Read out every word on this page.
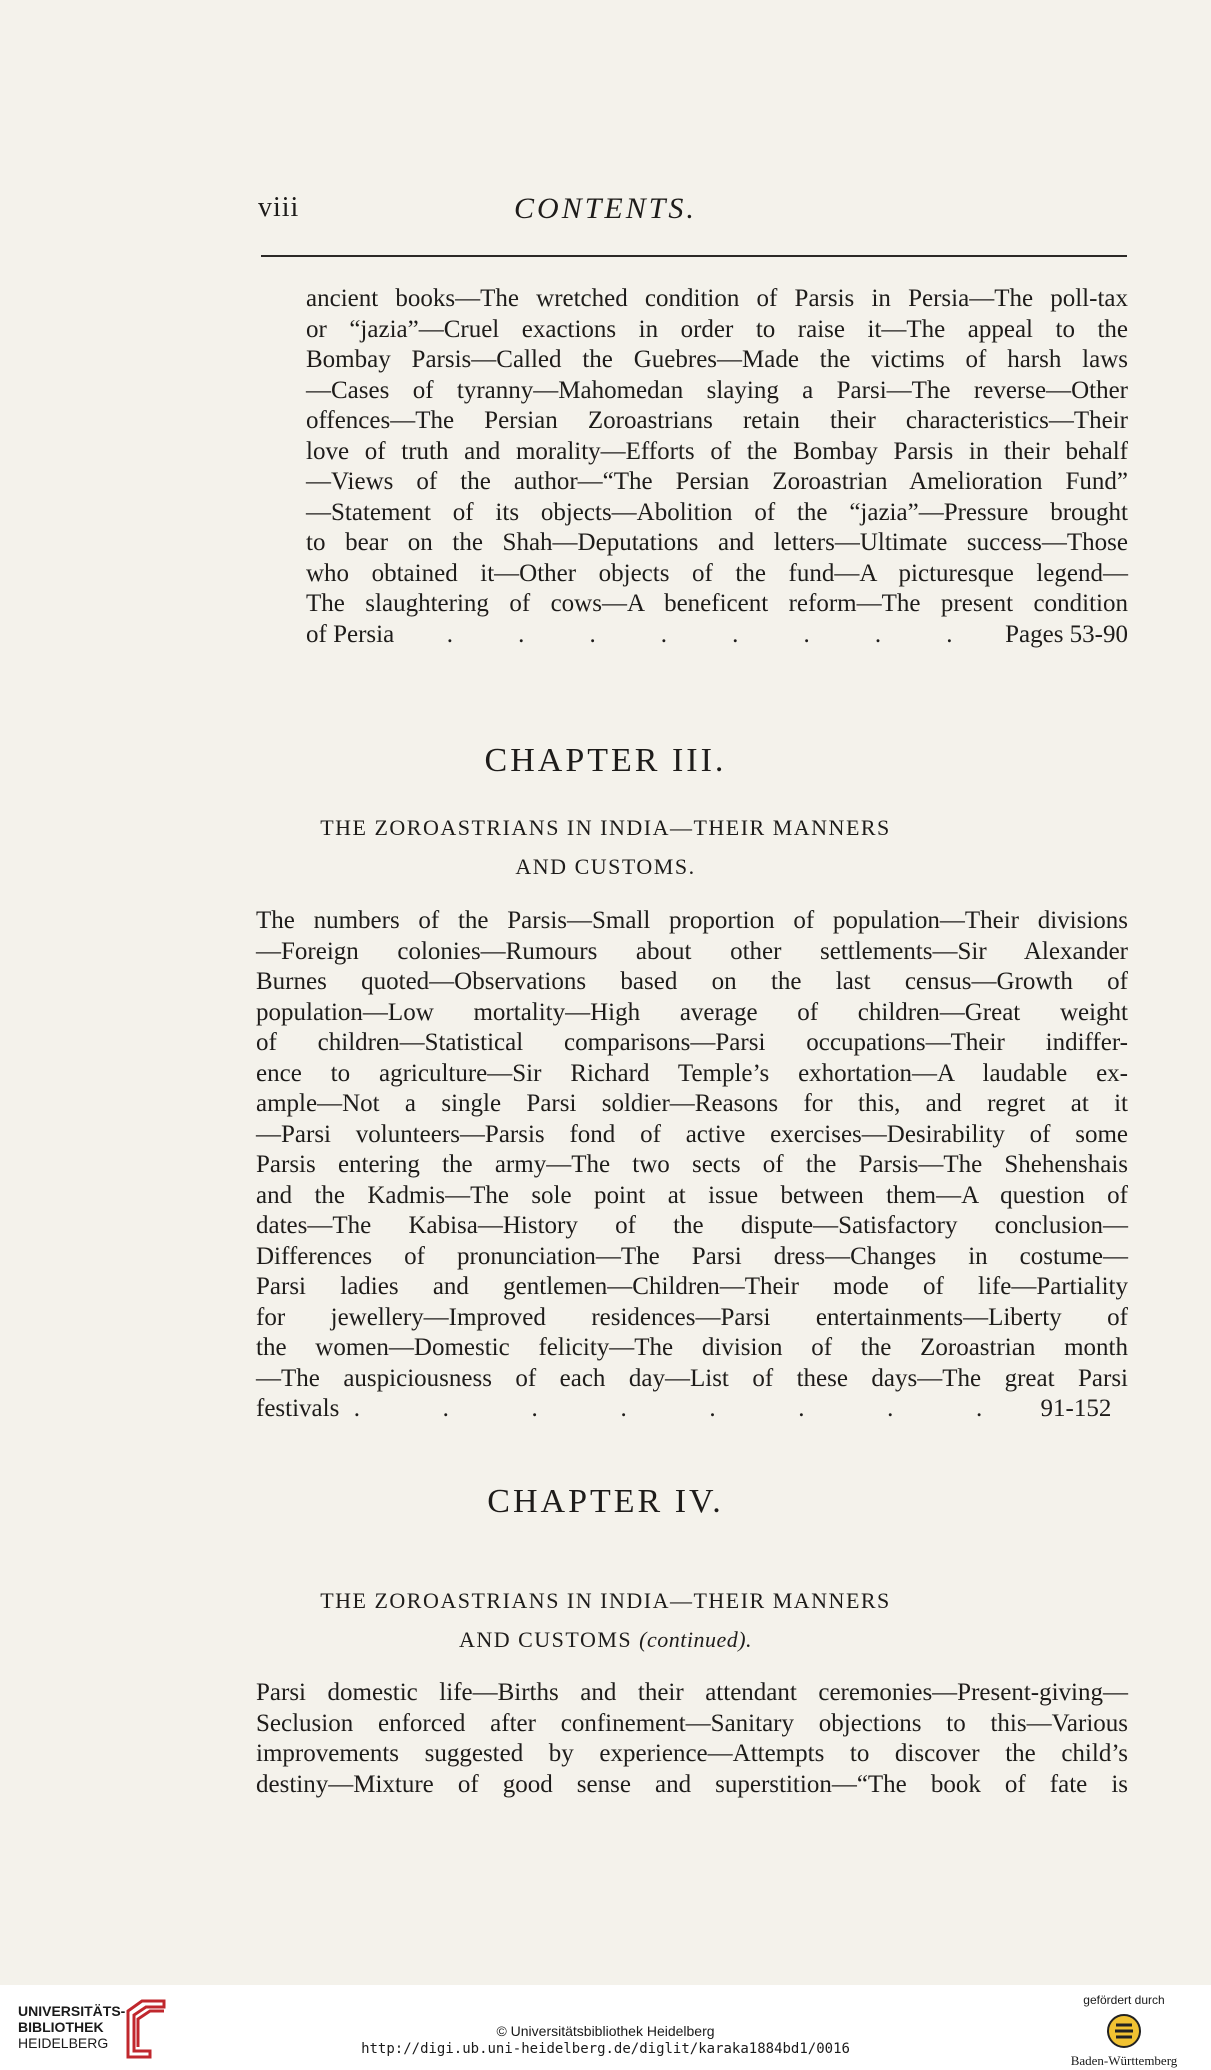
viii	CONTENTS.
ancient books—The wretched condition of Parsis in Persia—The poll-tax
or “jazia”—Cruel exactions in order to raise it—The appeal to the
Bombay Parsis—Called the Guebres—Made the victims of harsh laws
—Cases of tyranny—Mahomedan slaying a Parsi—The reverse—Other
offences—The Persian Zoroastrians retain their characteristics—Their
love of truth and morality—Efforts of the Bombay Parsis in their behalf
—Views of the author—“The Persian Zoroastrian Amelioration Fund”
—Statement of its objects—Abolition of the “jazia”—Pressure brought
to bear on the Shah—Deputations and letters—Ultimate success—Those
who obtained it—Other objects of the fund—A picturesque legend—
The slaughtering of cows—A beneficent reform—The present condition
of Persia .	.	.	.	.	.	.	. Pages 53-90
CHAPTER III.
THE ZOROASTRIANS IN INDIA—THEIR MANNERS
AND CUSTOMS.
The numbers of the Parsis—Small proportion of population—Their divisions
—Foreign colonies—Rumours about other settlements—Sir Alexander
Burnes quoted—Observations based on the last census—Growth of
population—Low mortality—High average of children—Great weight
of children—Statistical comparisons—Parsi occupations—Their indiffer-
ence to agriculture—Sir Richard Temple’s exhortation—A laudable ex-
ample—Not a single Parsi soldier—Reasons for this, and regret at it
—Parsi volunteers—Parsis fond of active exercises—Desirability of some
Parsis entering the army—The two sects of the Parsis—The Shehenshais
and the Kadmis—The sole point at issue between them—A question of
dates—The Kabisa—History of the dispute—Satisfactory conclusion—
Differences of pronunciation—The Parsi dress—Changes in costume—
Parsi ladies and gentlemen—Children—Their mode of life—Partiality
for jewellery—Improved residences—Parsi entertainments—Liberty of
the women—Domestic felicity—The division of the Zoroastrian month
—The auspiciousness of each day—List of these days—The great Parsi
festivals .	.	.	.	.	.	.	.	91-152
CHAPTER IV.
THE ZOROASTRIANS IN INDIA—THEIR MANNERS
AND CUSTOMS (continued).
Parsi domestic life—Births and their attendant ceremonies—Present-giving—
Seclusion enforced after confinement—Sanitary objections to this—Various
improvements suggested by experience—Attempts to discover the child’s
destiny—Mixture of good sense and superstition—“The book of fate is
UNIVERSITÄTS-
BIBLIOTHEK
HEIDELBERG
© Universitätsbibliothek Heidelberg
http://digi.ub.uni-heidelberg.de/diglit/karaka1884bd1/0016
gefördert durch
Baden-Württemberg
